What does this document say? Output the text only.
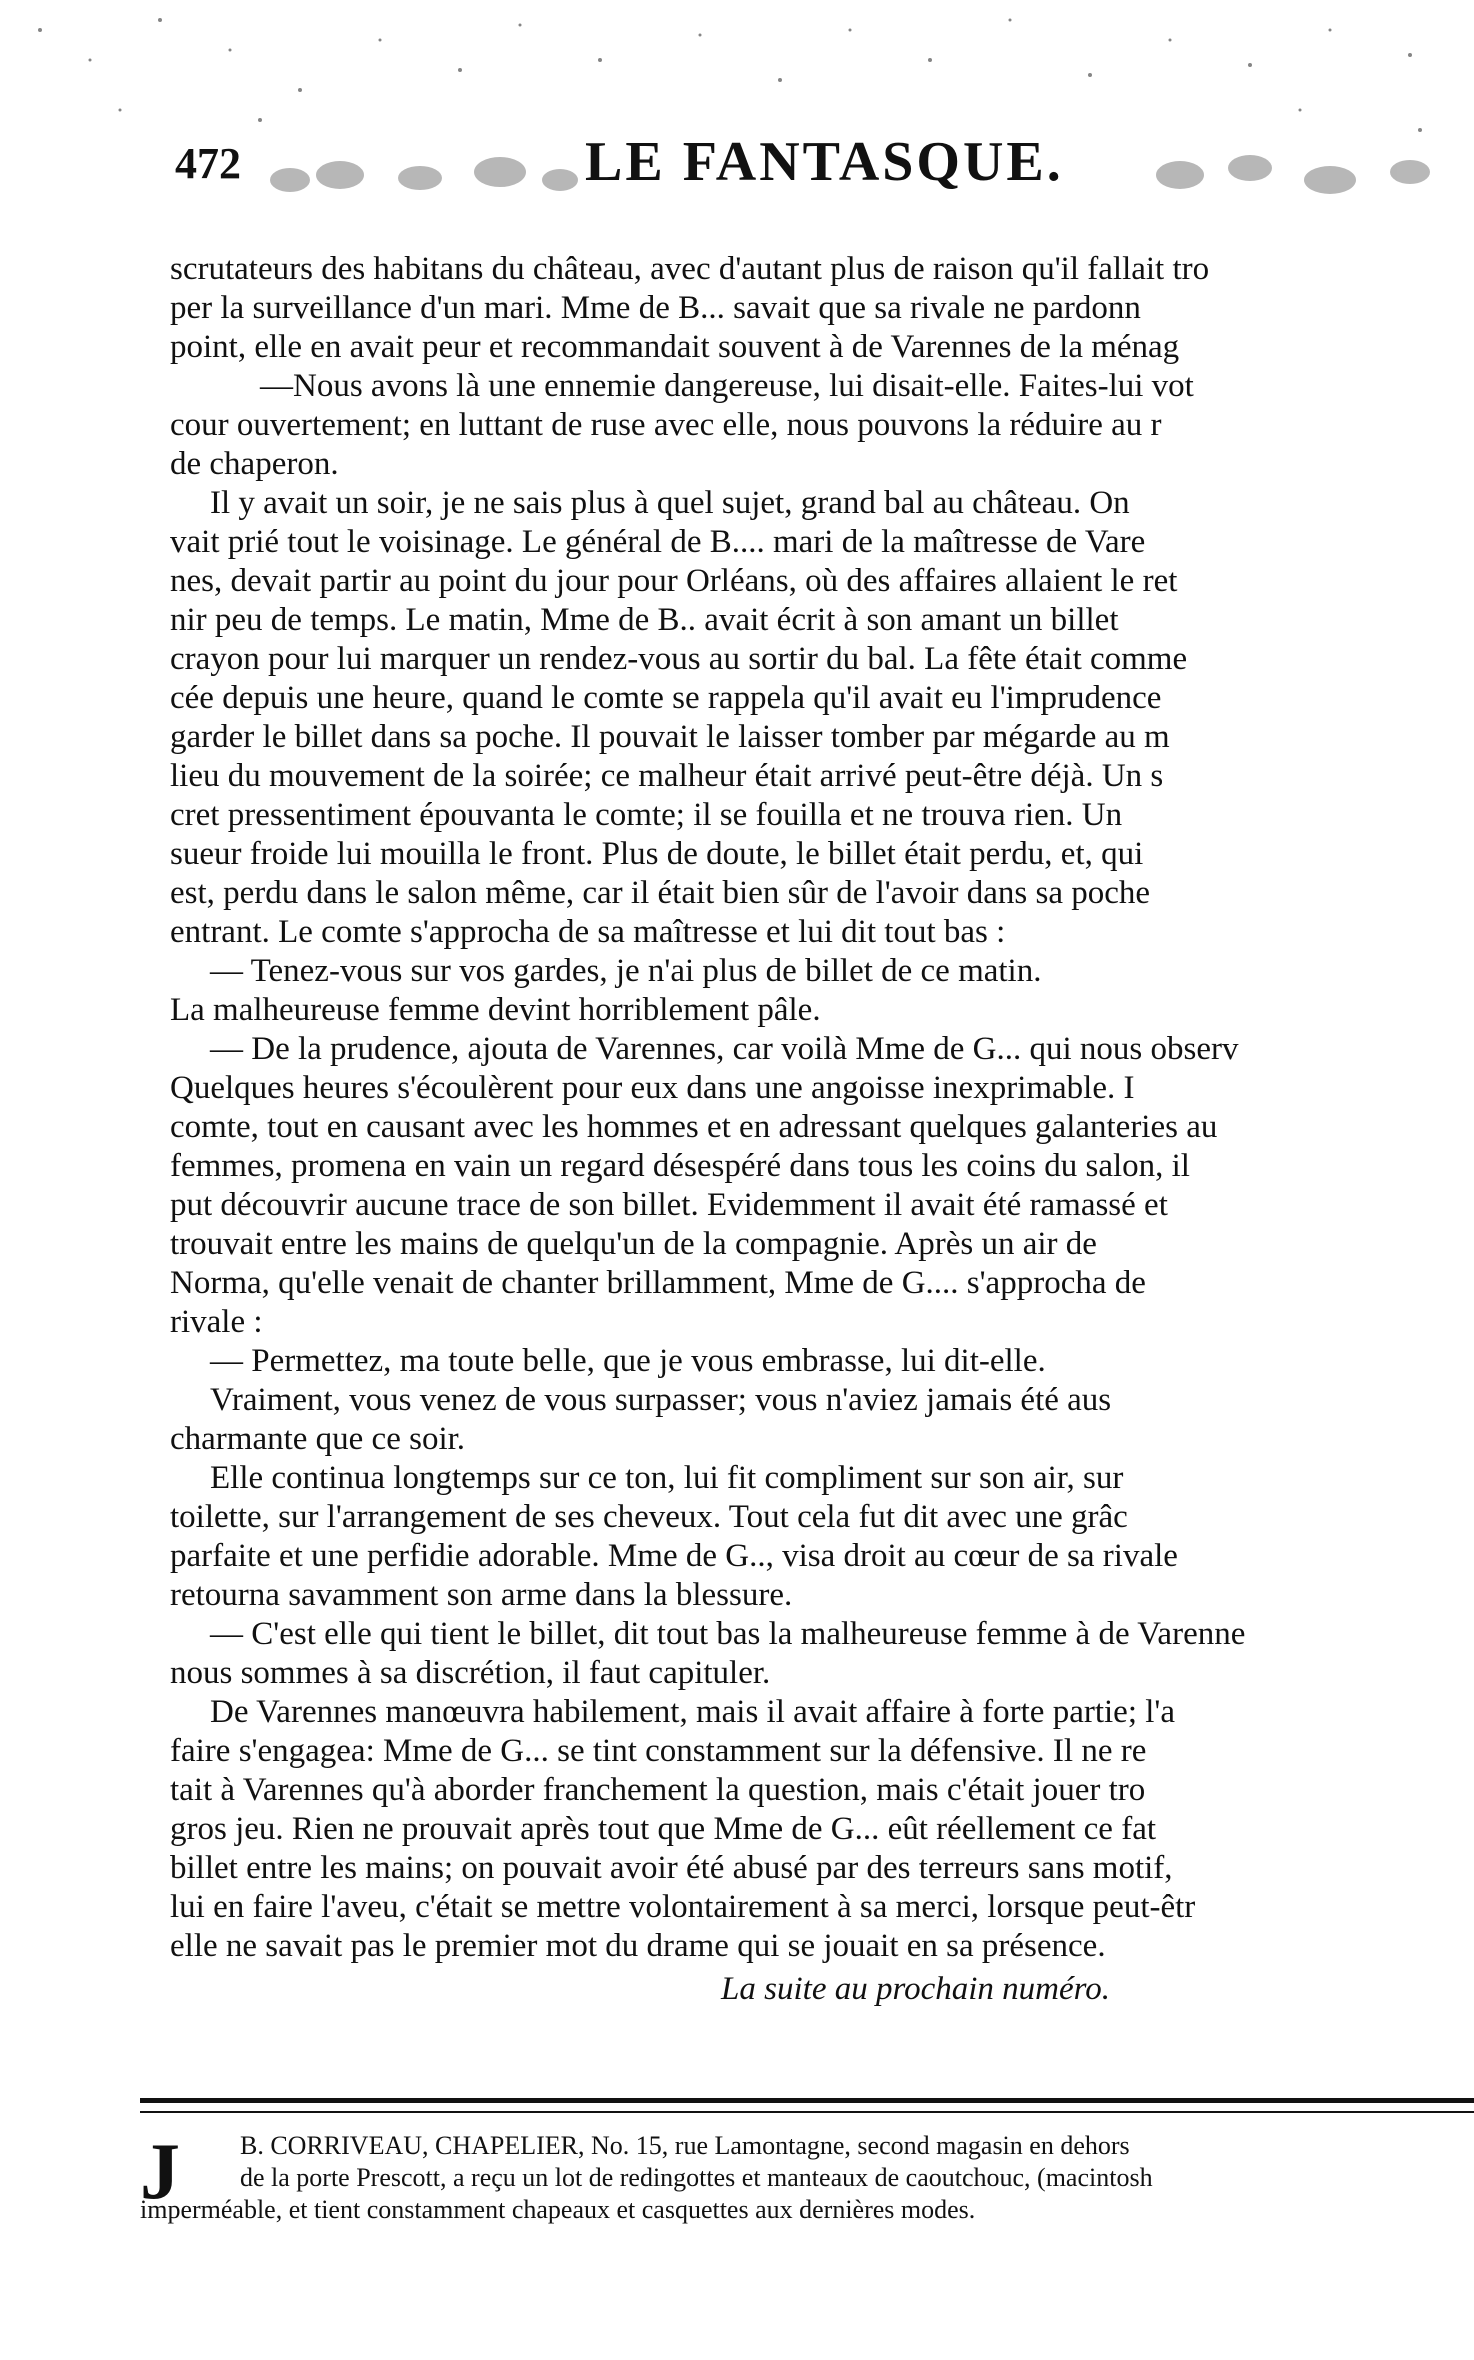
472	LE FANTASQUE.
scrutateurs des habitans du château, avec d'autant plus de raison qu'il fallait tro
per la surveillance d'un mari. Mme de B... savait que sa rivale ne pardonn
point, elle en avait peur et recommandait souvent à de Varennes de la ménag
—Nous avons là une ennemie dangereuse, lui disait-elle. Faites-lui vot
cour ouvertement; en luttant de ruse avec elle, nous pouvons la réduire au r
de chaperon.
Il y avait un soir, je ne sais plus à quel sujet, grand bal au château. On
vait prié tout le voisinage. Le général de B.... mari de la maîtresse de Vare
nes, devait partir au point du jour pour Orléans, où des affaires allaient le ret
nir peu de temps. Le matin, Mme de B.. avait écrit à son amant un billet
crayon pour lui marquer un rendez-vous au sortir du bal. La fête était comme
cée depuis une heure, quand le comte se rappela qu'il avait eu l'imprudence
garder le billet dans sa poche. Il pouvait le laisser tomber par mégarde au m
lieu du mouvement de la soirée; ce malheur était arrivé peut-être déjà. Un s
cret pressentiment épouvanta le comte; il se fouilla et ne trouva rien. Un
sueur froide lui mouilla le front. Plus de doute, le billet était perdu, et, qui
est, perdu dans le salon même, car il était bien sûr de l'avoir dans sa poche
entrant. Le comte s'approcha de sa maîtresse et lui dit tout bas :
— Tenez-vous sur vos gardes, je n'ai plus de billet de ce matin.
La malheureuse femme devint horriblement pâle.
— De la prudence, ajouta de Varennes, car voilà Mme de G... qui nous observ
Quelques heures s'écoulèrent pour eux dans une angoisse inexprimable. I
comte, tout en causant avec les hommes et en adressant quelques galanteries au
femmes, promena en vain un regard désespéré dans tous les coins du salon, il
put découvrir aucune trace de son billet. Evidemment il avait été ramassé et
trouvait entre les mains de quelqu'un de la compagnie. Après un air de
Norma, qu'elle venait de chanter brillamment, Mme de G.... s'approcha de
rivale :
— Permettez, ma toute belle, que je vous embrasse, lui dit-elle.
Vraiment, vous venez de vous surpasser; vous n'aviez jamais été aus
charmante que ce soir.
Elle continua longtemps sur ce ton, lui fit compliment sur son air, sur
toilette, sur l'arrangement de ses cheveux. Tout cela fut dit avec une grâc
parfaite et une perfidie adorable. Mme de G.., visa droit au cœur de sa rivale
retourna savamment son arme dans la blessure.
— C'est elle qui tient le billet, dit tout bas la malheureuse femme à de Varenne
nous sommes à sa discrétion, il faut capituler.
De Varennes manœuvra habilement, mais il avait affaire à forte partie; l'a
faire s'engagea: Mme de G... se tint constamment sur la défensive. Il ne re
tait à Varennes qu'à aborder franchement la question, mais c'était jouer tro
gros jeu. Rien ne prouvait après tout que Mme de G... eût réellement ce fat
billet entre les mains; on pouvait avoir été abusé par des terreurs sans motif,
lui en faire l'aveu, c'était se mettre volontairement à sa merci, lorsque peut-êtr
elle ne savait pas le premier mot du drame qui se jouait en sa présence.
La suite au prochain numéro.
J	B. CORRIVEAU, CHAPELIER, No. 15, rue Lamontagne, second magasin en dehors
de la porte Prescott, a reçu un lot de redingottes et manteaux de caoutchouc, (macintosh
imperméable, et tient constamment chapeaux et casquettes aux dernières modes.
